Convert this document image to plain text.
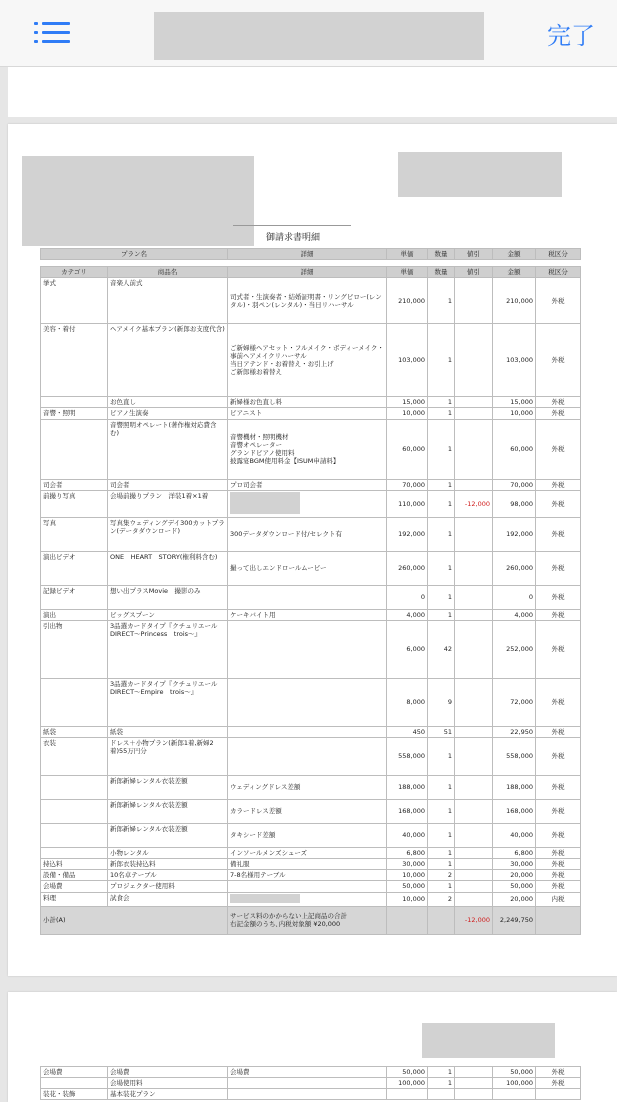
完了
御請求書明細
プラン名		詳細	単価	数量	値引	金額	税区分

カテゴリ	商品名	詳細	単価	数量	値引	金額	税区分
挙式	音楽人前式	司式者・生演奏者・結婚証明書・リングピロー(レンタル)・羽ペン(レンタル)・当日リハーサル	210,000	1		210,000	外税
美容・着付	ヘアメイク基本プラン(新郎お支度代含)	ご新婦様ヘアセット・フルメイク・ボディーメイク・事前ヘアメイクリハーサル
当日アテンド・お着替え・お引上げ
ご新郎様お着替え	103,000	1		103,000	外税
	お色直し	新婦様お色直し料	15,000	1		15,000	外税
音響・照明	ピアノ生演奏	ピアニスト	10,000	1		10,000	外税
	音響照明オペレート(著作権対応費含む)	音響機材・照明機材
音響オペレーター
グランドピアノ使用料
披露宴BGM使用料金【ISUM申請料】	60,000	1		60,000	外税
司会者	司会者	プロ司会者	70,000	1		70,000	外税
前撮り写真	会場前撮りプラン　洋装1着×1着		110,000	1	-12,000	98,000	外税
写真	写真集ウェディングデイ300カットプラン(データダウンロード)	300データダウンロード付/セレクト有	192,000	1		192,000	外税
演出ビデオ	ONE　HEART　STORY(権利料含む)	撮って出しエンドロールムービー	260,000	1		260,000	外税
記録ビデオ	想い出プラスMovie　撮影のみ		0	1		0	外税
演出	ビッグスプーン	ケーキバイト用	4,000	1		4,000	外税
引出物	3品選カードタイプ『クチュリエール　DIRECT〜Princess　trois〜』		6,000	42		252,000	外税
	3品選カードタイプ『クチュリエール　DIRECT〜Empire　trois〜』		8,000	9		72,000	外税
紙袋	紙袋		450	51		22,950	外税
衣装	ドレス＋小物プラン(新郎1着,新婦2着)55万円分		558,000	1		558,000	外税
	新郎新婦レンタル衣装差額	ウェディングドレス差額	188,000	1		188,000	外税
	新郎新婦レンタル衣装差額	カラードレス差額	168,000	1		168,000	外税
	新郎新婦レンタル衣装差額	タキシード差額	40,000	1		40,000	外税
	小物レンタル	インソールメンズシューズ	6,800	1		6,800	外税
持込料	新郎衣装持込料	備礼服	30,000	1		30,000	外税
設備・備品	10名卓テーブル	7-8名様用テーブル	10,000	2		20,000	外税
会場費	プロジェクター使用料		50,000	1		50,000	外税
料理	試食会		10,000	2		20,000	内税
小計(A)		サービス料のかからない上記商品の合計
右記金額のうち､内税対象額 ¥20,000			-12,000	2,249,750	
会場費	会場費	会場費	50,000	1		50,000	外税
	会場使用料		100,000	1		100,000	外税
装花・装飾	基本装花プラン						
